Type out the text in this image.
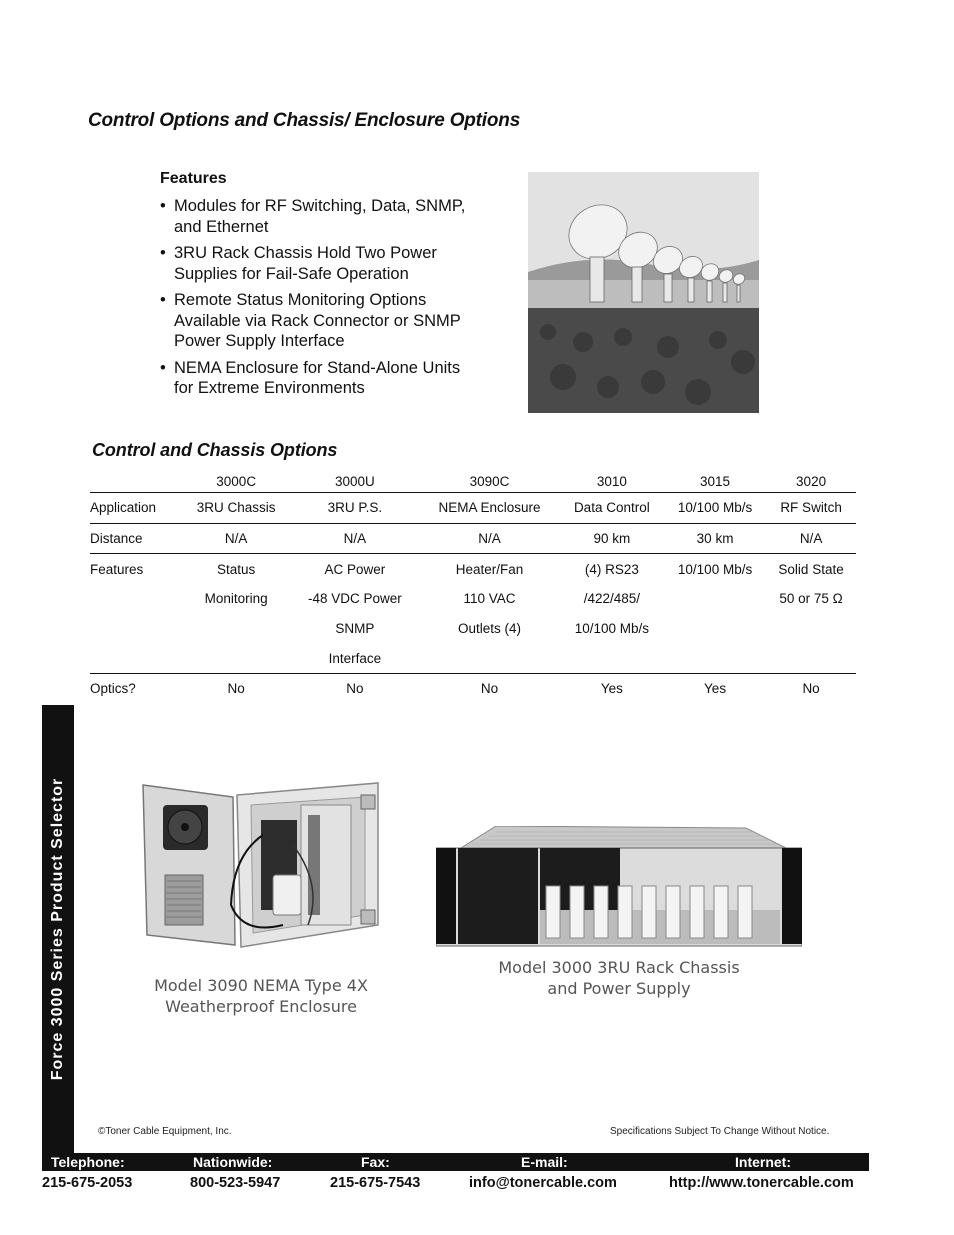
Control Options and Chassis/ Enclosure Options
Features
• Modules for RF Switching, Data, SNMP, and Ethernet
• 3RU Rack Chassis Hold Two Power Supplies for Fail-Safe Operation
• Remote Status Monitoring Options Available via Rack Connector or SNMP Power Supply Interface
• NEMA Enclosure for Stand-Alone Units for Extreme Environments
Control and Chassis Options
	3000C	3000U	3090C	3010	3015	3020
Application	3RU Chassis	3RU P.S.	NEMA Enclosure	Data Control	10/100 Mb/s	RF Switch
Distance	N/A	N/A	N/A	90 km	30 km	N/A
Features	Status	AC Power	Heater/Fan	(4) RS23	10/100 Mb/s	Solid State
	Monitoring	-48 VDC Power	110 VAC	/422/485/		50 or 75 Ω
		SNMP	Outlets (4)	10/100 Mb/s		
		Interface				
Optics?	No	No	No	Yes	Yes	No
Force 3000 Series Product Selector	Model 3090 NEMA Type 4X
Weatherproof Enclosure
Model 3000 3RU Rack Chassis
and Power Supply
©Toner Cable Equipment, Inc.	Specifications Subject To Change Without Notice.
Telephone:	Nationwide:	Fax:	E-mail:	Internet:
215-675-2053	800-523-5947	215-675-7543	info@tonercable.com	http://www.tonercable.com
